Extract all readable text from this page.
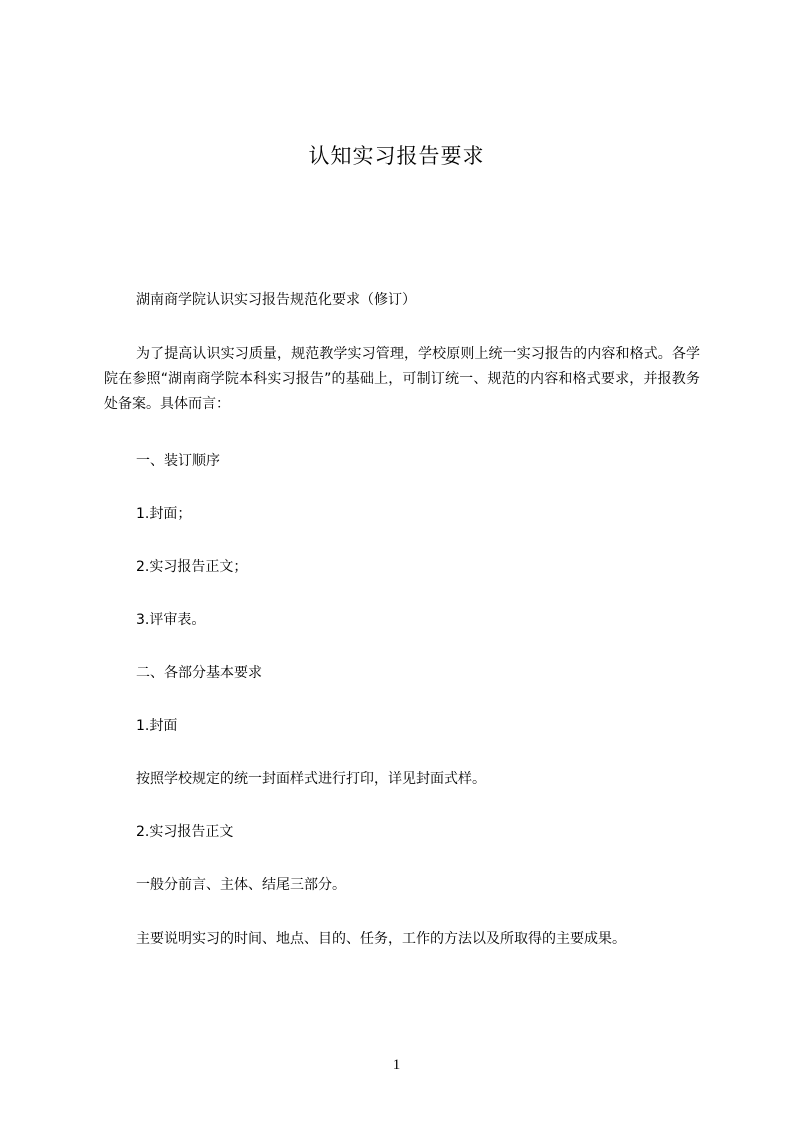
认知实习报告要求
湖南商学院认识实习报告规范化要求（修订）
为了提高认识实习质量，规范教学实习管理，学校原则上统一实习报告的内容和格式。各学院在参照“湖南商学院本科实习报告”的基础上，可制订统一、规范的内容和格式要求，并报教务处备案。具体而言：
一、装订顺序
1.封面；
2.实习报告正文；
3.评审表。
二、各部分基本要求
1.封面
按照学校规定的统一封面样式进行打印，详见封面式样。
2.实习报告正文
一般分前言、主体、结尾三部分。
主要说明实习的时间、地点、目的、任务，工作的方法以及所取得的主要成果。
1
